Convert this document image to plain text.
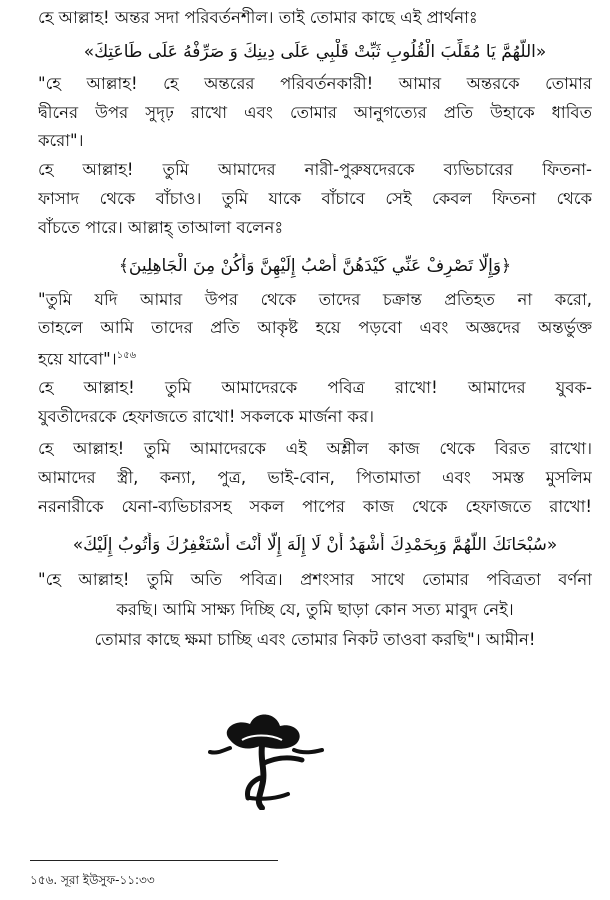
হে আল্লাহ! অন্তর সদা পরিবর্তনশীল। তাই তোমার কাছে এই প্রার্থনাঃ
«اللَّهُمَّ يَا مُقَلِّبَ الْقُلُوبِ ثَبِّتْ قَلْبِي عَلَى دِينِكَ وَ صَرِّفْهُ عَلَى طَاعَتِكَ»
"হে আল্লাহ! হে অন্তরের পরিবর্তনকারী! আমার অন্তরকে তোমার
দ্বীনের উপর সুদৃঢ় রাখো এবং তোমার আনুগত্যের প্রতি উহাকে ধাবিত
করো"।
হে আল্লাহ! তুমি আমাদের নারী-পুরুষদেরকে ব্যভিচারের ফিতনা-
ফাসাদ থেকে বাঁচাও। তুমি যাকে বাঁচাবে সেই কেবল ফিতনা থেকে
বাঁচতে পারে। আল্লাহ্ তাআলা বলেনঃ
﴿وَإِلَّا تَصْرِفْ عَنِّي كَيْدَهُنَّ أَصْبُ إِلَيْهِنَّ وَأَكُنْ مِنَ الْجَاهِلِينَ﴾
"তুমি যদি আমার উপর থেকে তাদের চক্রান্ত প্রতিহত না করো,
তাহলে আমি তাদের প্রতি আকৃষ্ট হয়ে পড়বো এবং অজ্ঞদের অন্তর্ভুক্ত
হয়ে যাবো"।$^{১৫৬}$
হে আল্লাহ! তুমি আমাদেরকে পবিত্র রাখো! আমাদের যুবক-
যুবতীদেরকে হেফাজতে রাখো! সকলকে মার্জনা কর।
হে আল্লাহ! তুমি আমাদেরকে এই অশ্লীল কাজ থেকে বিরত রাখো।
আমাদের স্ত্রী, কন্যা, পুত্র, ভাই-বোন, পিতামাতা এবং সমস্ত মুসলিম
নরনারীকে যেনা-ব্যভিচারসহ সকল পাপের কাজ থেকে হেফাজতে রাখো!
«سُبْحَانَكَ اللَّهُمَّ وَبِحَمْدِكَ أَشْهَدُ أَنْ لَا إِلَهَ إِلَّا أَنْتَ أَسْتَغْفِرُكَ وَأَتُوبُ إِلَيْكَ»
"হে আল্লাহ! তুমি অতি পবিত্র। প্রশংসার সাথে তোমার পবিত্রতা বর্ণনা
করছি। আমি সাক্ষ্য দিচ্ছি যে, তুমি ছাড়া কোন সত্য মাবুদ নেই।
তোমার কাছে ক্ষমা চাচ্ছি এবং তোমার নিকট তাওবা করছি"। আমীন!
১৫৬. সূরা ইউসুফ-১১:৩৩
